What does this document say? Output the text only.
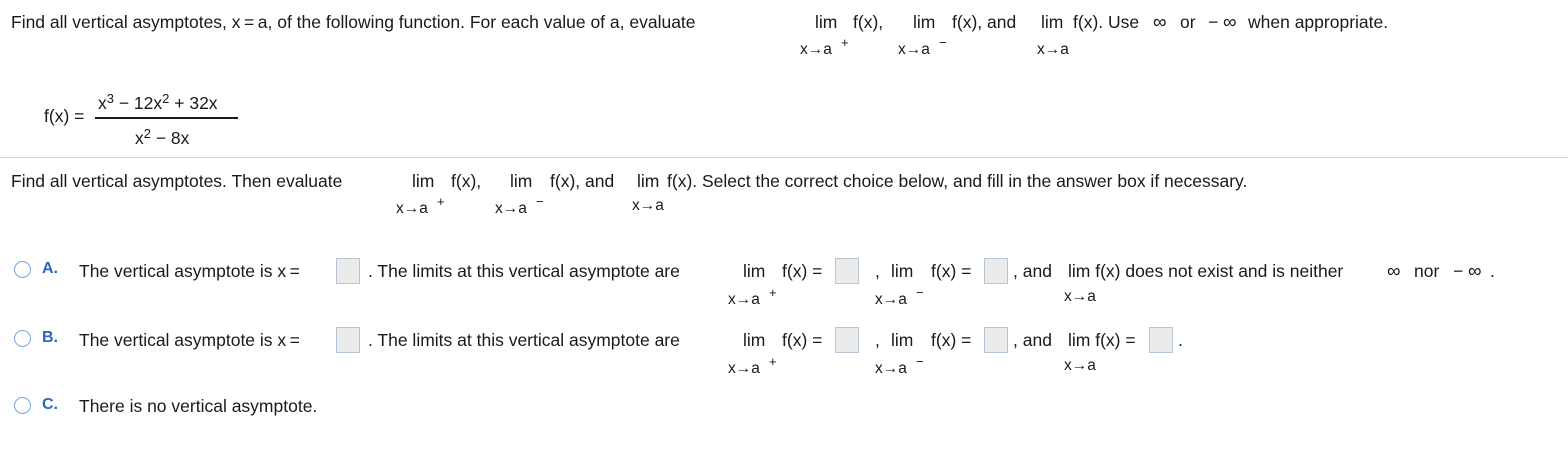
Find all vertical asymptotes, x = a, of the following function. For each value of a, evaluate	lim f(x), lim f(x), and lim f(x). Use ∞ or − ∞ when appropriate.
x→a +	x→a −	x→a
f(x) =
$x^3 - 12x^2 + 32x$
$x^2 - 8x$
Find all vertical asymptotes. Then evaluate	lim f(x), lim f(x), and lim f(x). Select the correct choice below, and fill in the answer box if necessary.
x→a +	x→a −	x→a
A. The vertical asymptote is x =	. The limits at this vertical asymptote are	lim f(x) =	, lim f(x) = , and lim f(x) does not exist and is neither ∞ nor − ∞ .
x→a +	x→a −	x→a
B. The vertical asymptote is x =	. The limits at this vertical asymptote are	lim f(x) =	, lim f(x) = , and lim f(x) = .
x→a +	x→a −	x→a
C. There is no vertical asymptote.
